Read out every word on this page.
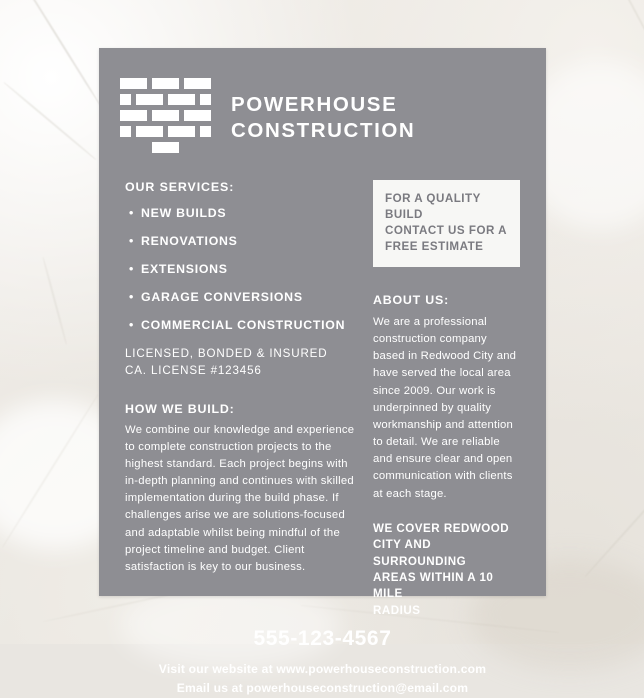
POWERHOUSE
CONSTRUCTION
OUR SERVICES:
• NEW BUILDS
• RENOVATIONS
• EXTENSIONS
• GARAGE CONVERSIONS
• COMMERCIAL CONSTRUCTION
LICENSED, BONDED & INSURED
CA. LICENSE #123456
HOW WE BUILD:

We combine our knowledge and experience to complete construction projects to the highest standard. Each project begins with in-depth planning and continues with skilled implementation during the build phase. If challenges arise we are solutions-focused and adaptable whilst being mindful of the project timeline and budget. Client satisfaction is key to our business.

FOR A QUALITY BUILD
CONTACT US FOR A
FREE ESTIMATE
ABOUT US:

We are a professional construction company based in Redwood City and have served the local area since 2009. Our work is underpinned by quality workmanship and attention to detail. We are reliable and ensure clear and open communication with clients at each stage.

WE COVER REDWOOD
CITY AND SURROUNDING
AREAS WITHIN A 10 MILE
RADIUS
555-123-4567
Visit our website at www.powerhouseconstruction.com
Email us at powerhouseconstruction@email.com
